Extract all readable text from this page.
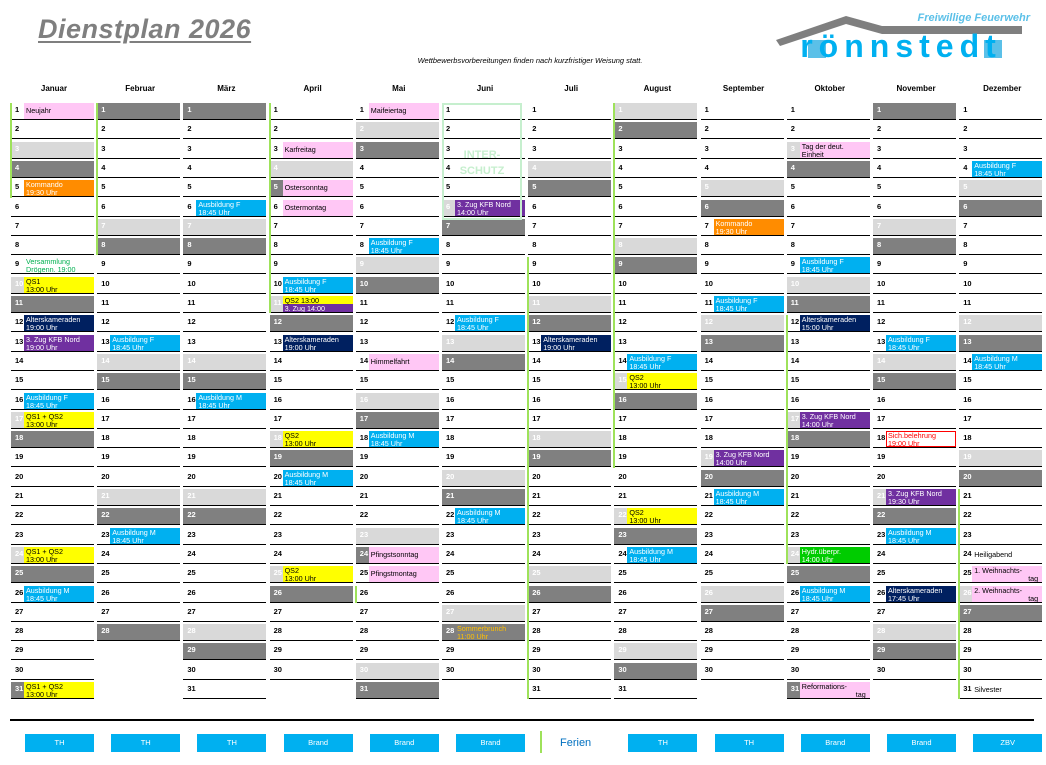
Dienstplan 2026
Wettbewerbsvorbereitungen finden nach kurzfristiger Weisung statt.
Freiwillige Feuerwehr
rönnstedt
Januar
1 Neujahr
2
3
4
5 Kommando
19:30 Uhr
6
7
8
9 Versammlung
Drögenn. 19:00
10 QS1
13:00 Uhr
11
12 Alterskameraden
19:00 Uhr
13 3. Zug KFB Nord
19:00 Uhr
14
15
16 Ausbildung F
18:45 Uhr
17 QS1 + QS2
13:00 Uhr
18
19
20
21
22
23
24 QS1 + QS2
13:00 Uhr
25
26 Ausbildung M
18:45 Uhr
27
28
29
30
31 QS1 + QS2
13:00 Uhr
Februar
1
2
3
4
5
6
7
8
9
10
11
12
13 Ausbildung F
18:45 Uhr
14
15
16
17
18
19
20
21
22
23 Ausbildung M
18:45 Uhr
24
25
26
27
28
März
1
2
3
4
5
6 Ausbildung F
18:45 Uhr
7
8
9
10
11
12
13
14
15
16 Ausbildung M
18:45 Uhr
17
18
19
20
21
22
23
24
25
26
27
28
29
30
31
April
1
2
3 Karfreitag
4
5 Ostersonntag
6 Ostermontag
7
8
9
10 Ausbildung F
18:45 Uhr
11 QS2 13:00
3. Zug 14:00
12
13 Alterskameraden
19:00 Uhr
14
15
16
17
18 QS2
13:00 Uhr
19
20 Ausbildung M
18:45 Uhr
21
22
23
24
25 QS2
13:00 Uhr
26
27
28
29
30
Mai
1 Maifeiertag
2
3
4
5
6
7
8 Ausbildung F
18:45 Uhr
9
10
11
12
13
14 Himmelfahrt
15
16
17
18 Ausbildung M
18:45 Uhr
19
20
21
22
23
24 Pfingstsonntag
25 Pfingstmontag
26
27
28
29
30
31
Juni
1
2
3
4
5
6 3. Zug KFB Nord
14:00 Uhr
7
8
9
10
11
12 Ausbildung F
18:45 Uhr
13
14
15
16
17
18
19
20
21
22 Ausbildung M
18:45 Uhr
23
24
25
26
27
28 Sommerbrunch
11:00 Uhr
29
30
Juli
1
2
3
4
5
6
7
8
9
10
11
12
13 Alterskameraden
19:00 Uhr
14
15
16
17
18
19
20
21
22
23
24
25
26
27
28
29
30
31
August
1
2
3
4
5
6
7
8
9
10
11
12
13
14 Ausbildung F
18:45 Uhr
15 QS2
13:00 Uhr
16
17
18
19
20
21
22 QS2
13:00 Uhr
23
24 Ausbildung M
18:45 Uhr
25
26
27
28
29
30
31
September
1
2
3
4
5
6
7 Kommando
19:30 Uhr
8
9
10
11 Ausbildung F
18:45 Uhr
12
13
14
15
16
17
18
19 3. Zug KFB Nord
14:00 Uhr
20
21 Ausbildung M
18:45 Uhr
22
23
24
25
26
27
28
29
30
Oktober
1
2
3 Tag der deut.
Einheit
4
5
6
7
8
9 Ausbildung F
18:45 Uhr
10
11
12 Alterskameraden
15:00 Uhr
13
14
15
16
17 3. Zug KFB Nord
14:00 Uhr
18
19
20
21
22
23
24 Hydr.überpr.
14:00 Uhr
25
26 Ausbildung M
18:45 Uhr
27
28
29
30
31 Reformations-
tag
November
1
2
3
4
5
6
7
8
9
10
11
12
13 Ausbildung F
18:45 Uhr
14
15
16
17
18 Sich.belehrung
19:00 Uhr
19
20
21 3. Zug KFB Nord
19:30 Uhr
22
23 Ausbildung M
18:45 Uhr
24
25
26 Alterskameraden
17:45 Uhr
27
28
29
30
Dezember
1
2
3
4 Ausbildung F
18:45 Uhr
5
6
7
8
9
10
11
12
13
14 Ausbildung M
18:45 Uhr
15
16
17
18
19
20
21
22
23
24 Heiligabend
25 1. Weihnachts-
tag
26 2. Weihnachts-
tag
27
28
29
30
31 Silvester
INTER-
SCHUTZ
TH	TH	TH	Brand	Brand	Brand	Ferien	TH	TH	Brand	Brand	ZBV
